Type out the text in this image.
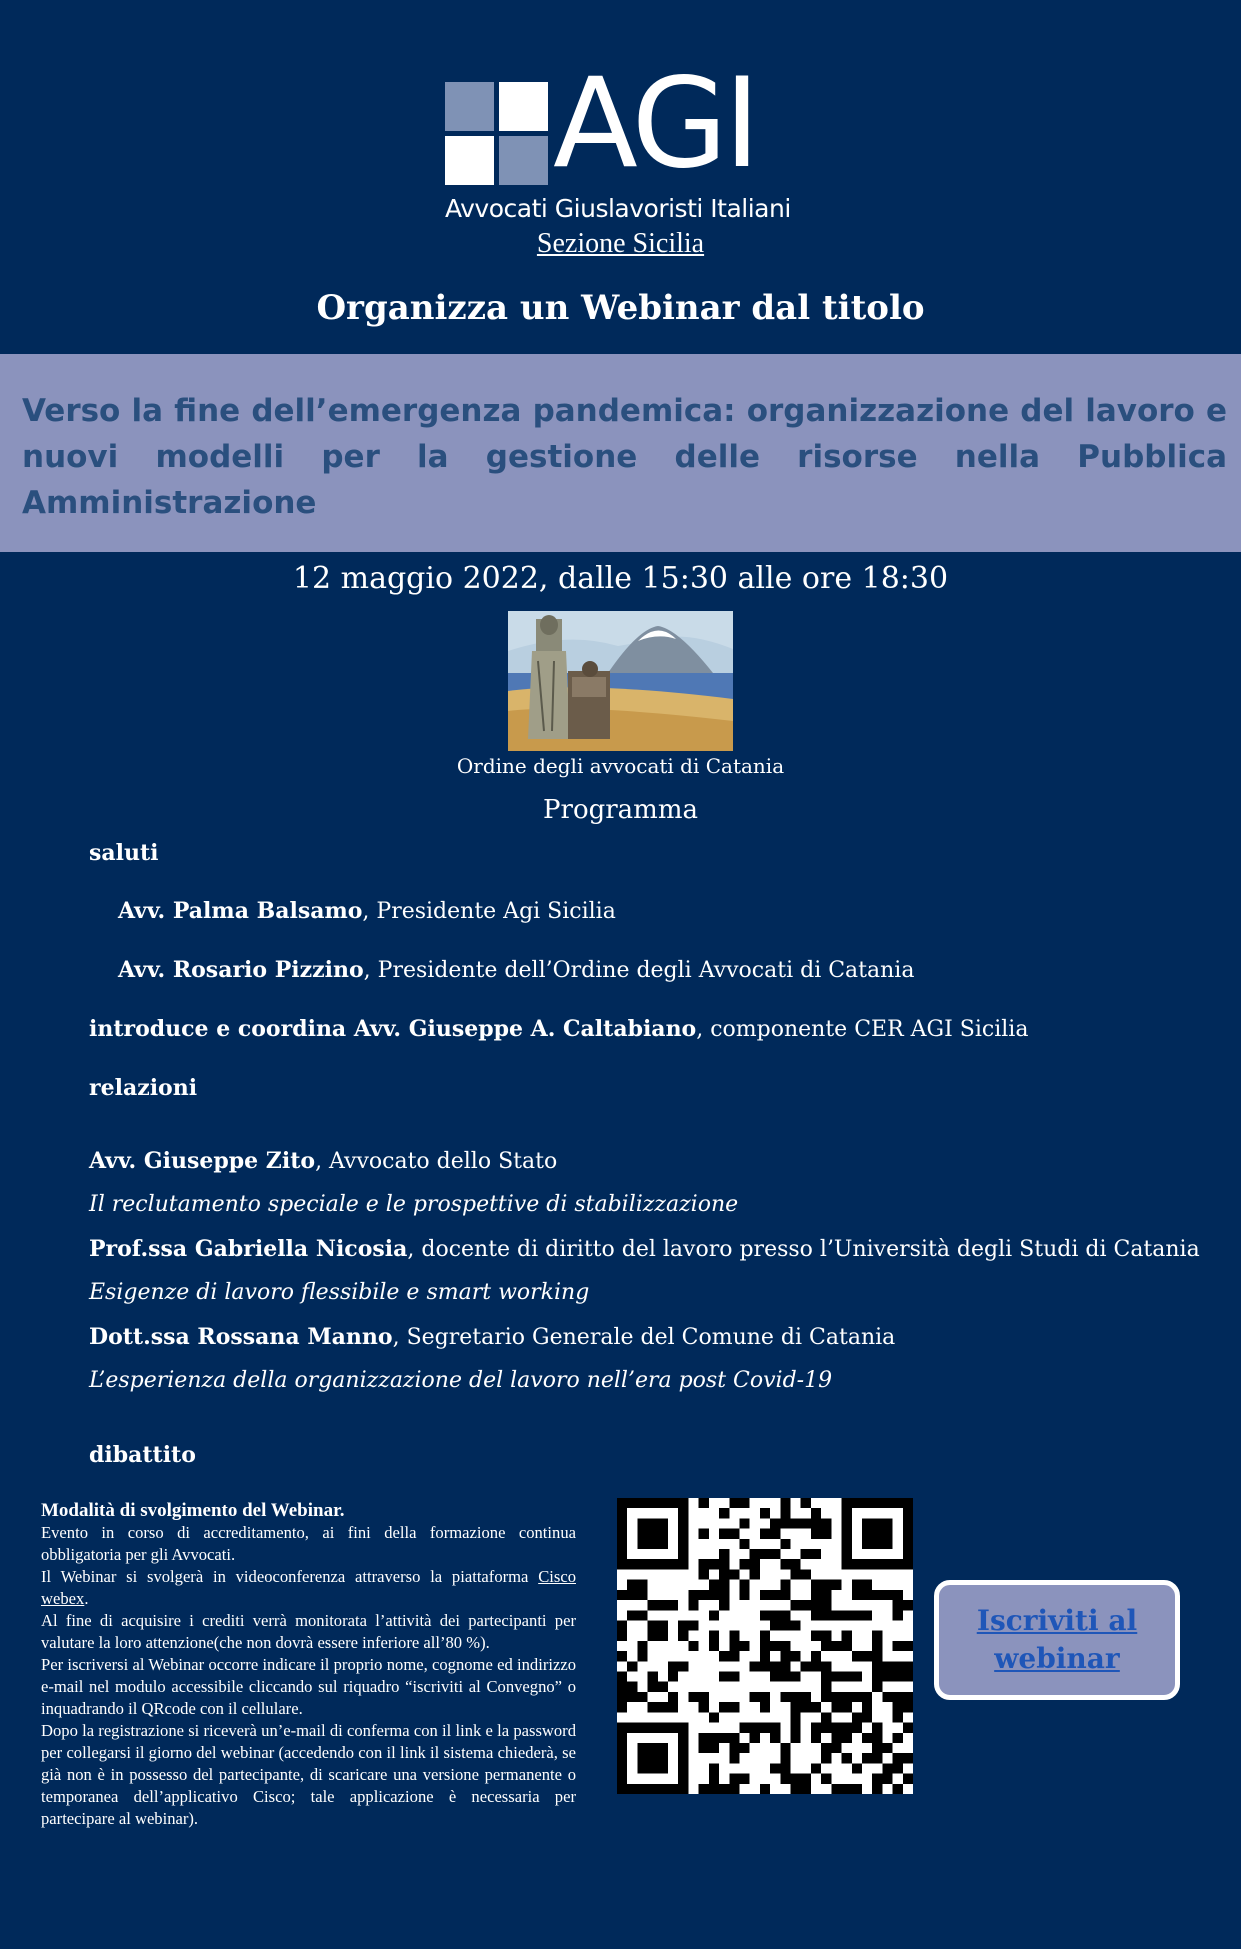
AGI
Avvocati Giuslavoristi Italiani
Sezione Sicilia
Organizza un Webinar dal titolo

Verso la fine dell’emergenza pandemica: organizzazione del lavoro e nuovi modelli per la gestione delle risorse nella Pubblica Amministrazione

12 maggio 2022, dalle 15:30 alle ore 18:30
Ordine degli avvocati di Catania
Programma
saluti
Avv. Palma Balsamo, Presidente Agi Sicilia
Avv. Rosario Pizzino, Presidente dell’Ordine degli Avvocati di Catania
introduce e coordina Avv. Giuseppe A. Caltabiano, componente CER AGI Sicilia
relazioni
Avv. Giuseppe Zito, Avvocato dello Stato
Il reclutamento speciale e le prospettive di stabilizzazione
Prof.ssa Gabriella Nicosia, docente di diritto del lavoro presso l’Università degli Studi di Catania
Esigenze di lavoro flessibile e smart working
Dott.ssa Rossana Manno, Segretario Generale del Comune di Catania
L’esperienza della organizzazione del lavoro nell’era post Covid-19
dibattito
Modalità di svolgimento del Webinar.
Evento in corso di accreditamento, ai fini della formazione continua obbligatoria per gli Avvocati.
Il Webinar si svolgerà in videoconferenza attraverso la piattaforma Cisco webex.
Al fine di acquisire i crediti verrà monitorata l’attività dei partecipanti per valutare la loro attenzione(che non dovrà essere inferiore all’80 %).
Per iscriversi al Webinar occorre indicare il proprio nome, cognome ed indirizzo e-mail nel modulo accessibile cliccando sul riquadro “iscriviti al Convegno” o inquadrando il QRcode con il cellulare.
Dopo la registrazione si riceverà un’e-mail di conferma con il link e la password per collegarsi il giorno del webinar (accedendo con il link il sistema chiederà, se già non è in possesso del partecipante, di scaricare una versione permanente o temporanea dell’applicativo Cisco; tale applicazione è necessaria per partecipare al webinar).
Iscriviti al
webinar
